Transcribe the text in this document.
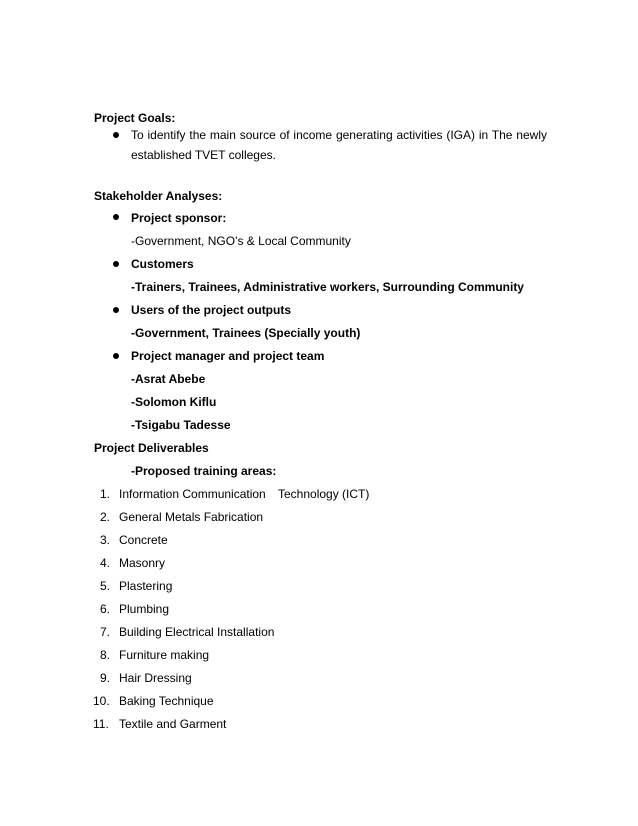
Project Goals:
To identify the main source of income generating activities (IGA) in The newly
established TVET colleges.
Stakeholder Analyses:
Project sponsor:
-Government, NGO’s & Local Community
Customers
-Trainers, Trainees, Administrative workers, Surrounding Community
Users of the project outputs
-Government, Trainees (Specially youth)
Project manager and project team
-Asrat Abebe
-Solomon Kiflu
-Tsigabu Tadesse
Project Deliverables
-Proposed training areas:
1. Information Communication Technology (ICT)
2. General Metals Fabrication
3. Concrete
4. Masonry
5. Plastering
6. Plumbing
7. Building Electrical Installation
8. Furniture making
9. Hair Dressing
10. Baking Technique
11. Textile and Garment
